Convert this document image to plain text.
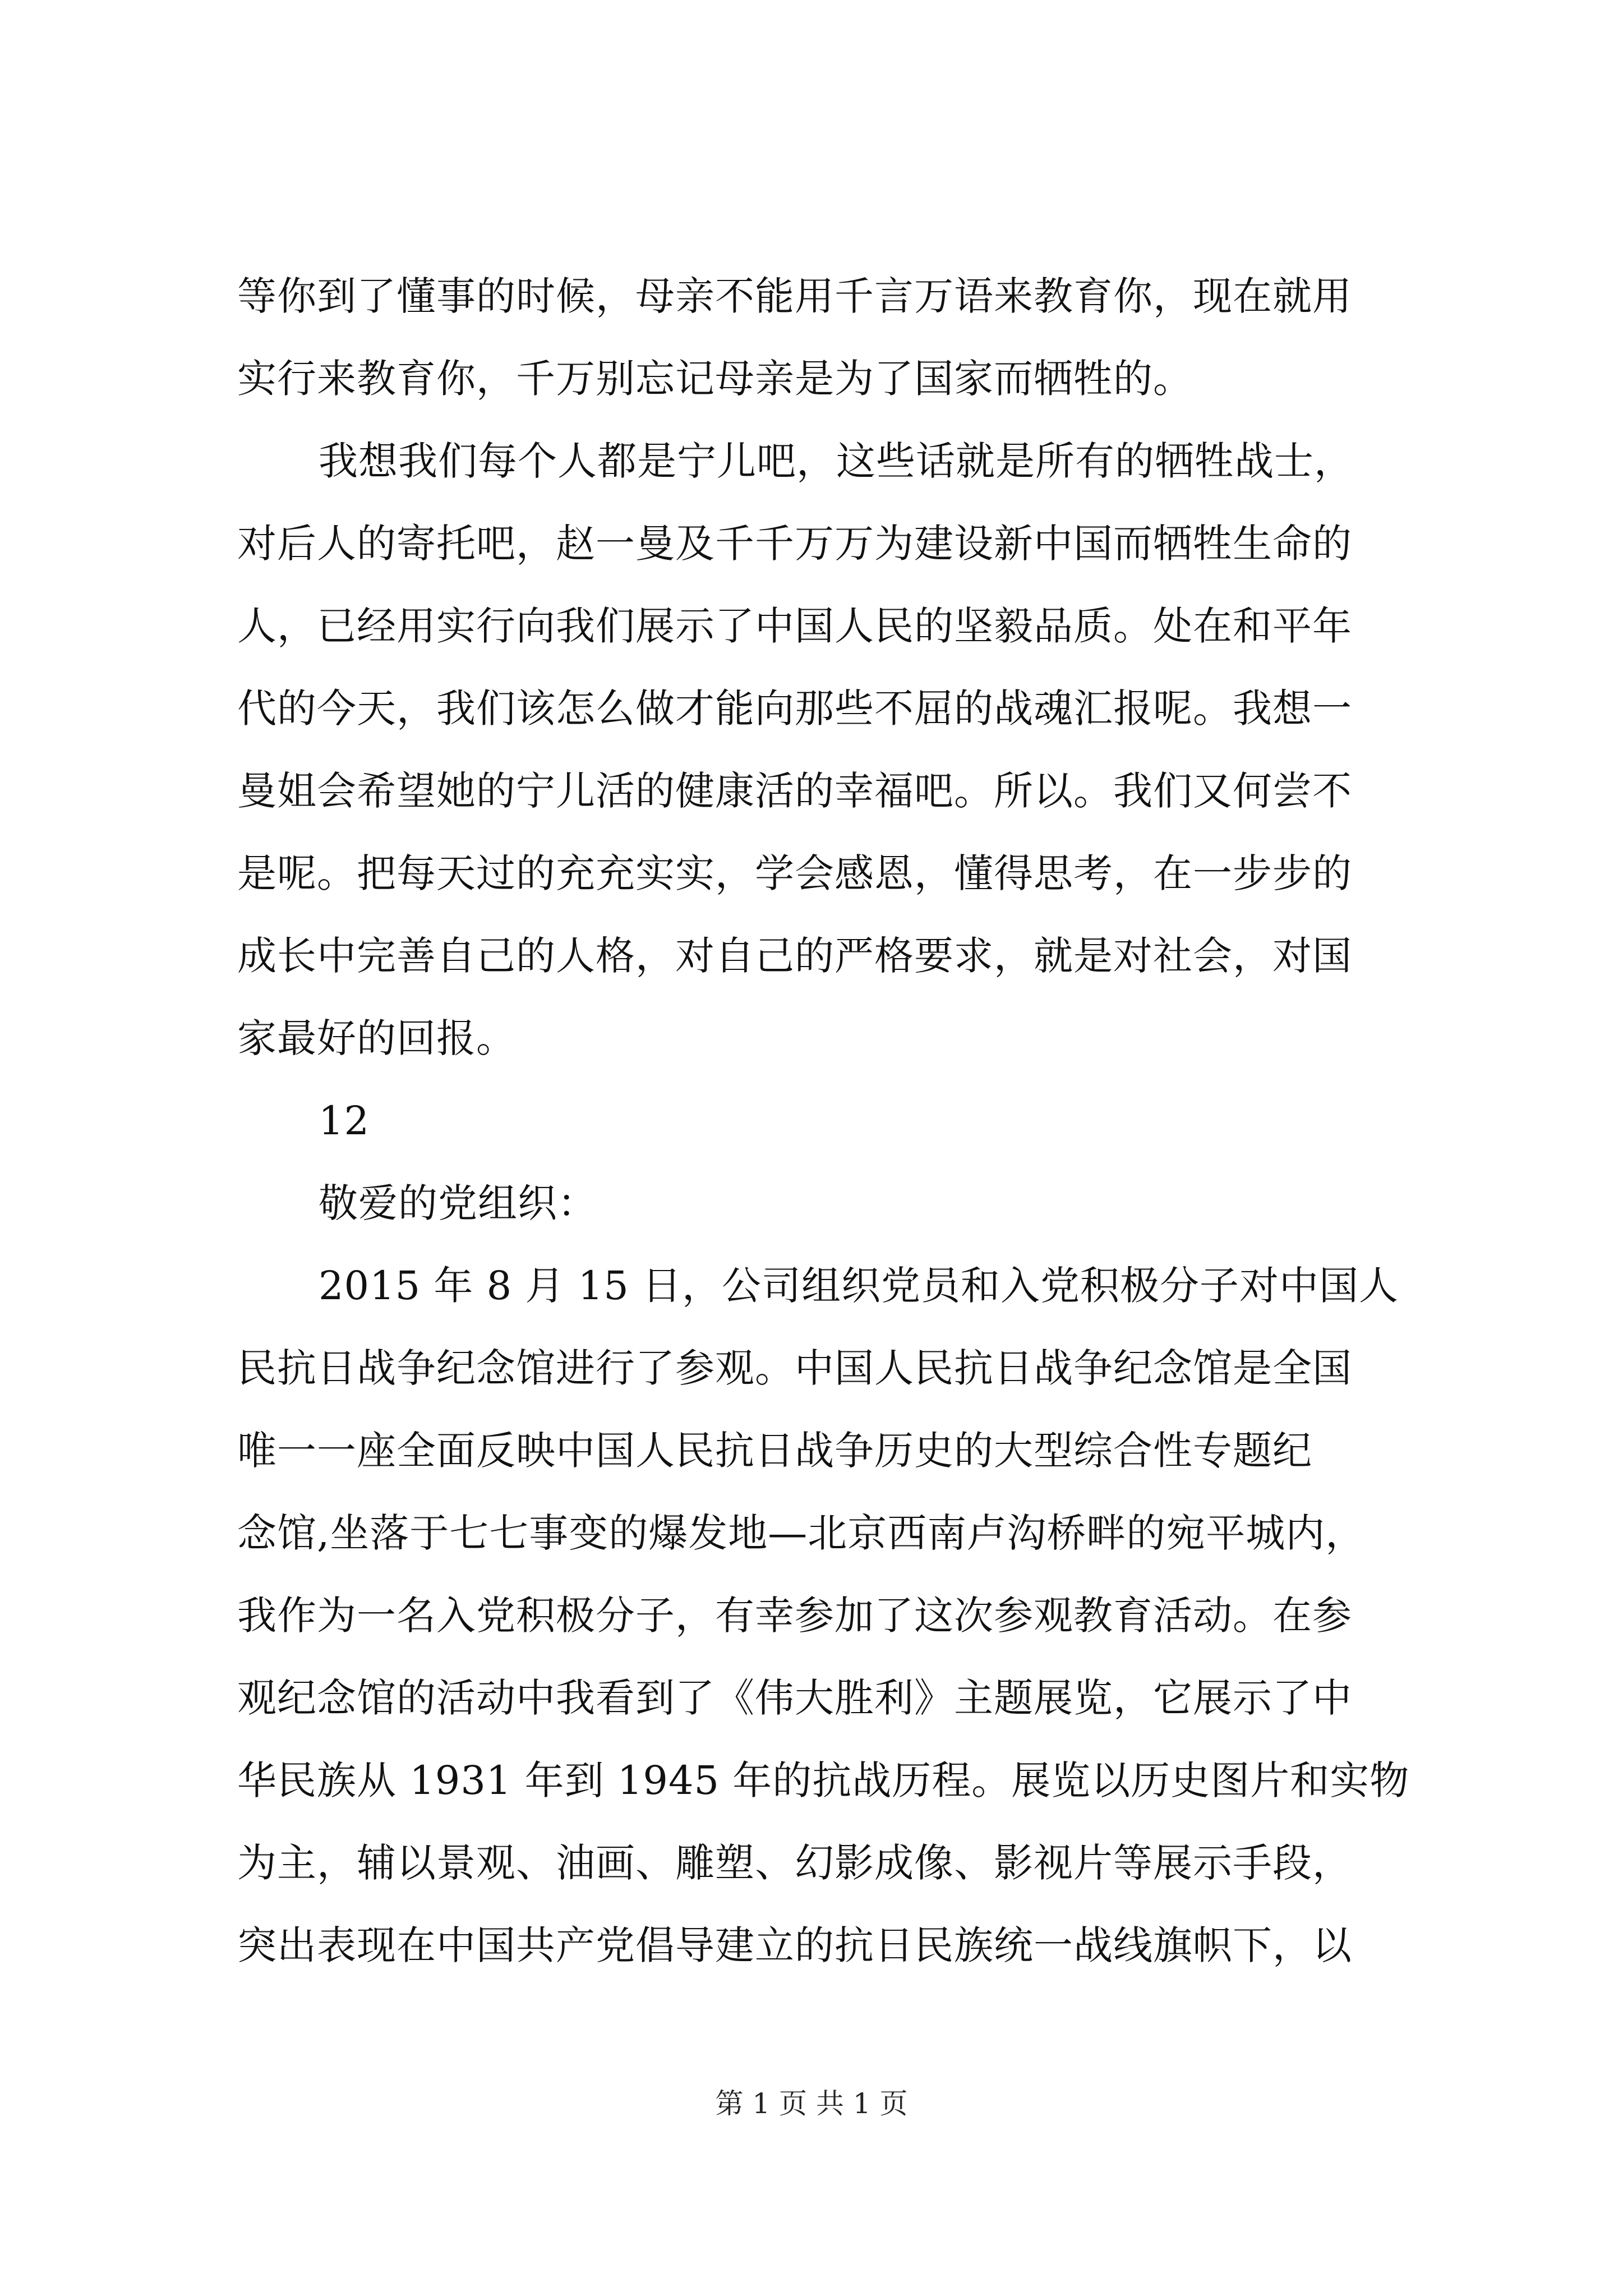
等你到了懂事的时候，母亲不能用千言万语来教育你，现在就用
实行来教育你，千万别忘记母亲是为了国家而牺牲的。
我想我们每个人都是宁儿吧，这些话就是所有的牺牲战士，
对后人的寄托吧，赵一曼及千千万万为建设新中国而牺牲生命的
人，已经用实行向我们展示了中国人民的坚毅品质。处在和平年
代的今天，我们该怎么做才能向那些不屈的战魂汇报呢。我想一
曼姐会希望她的宁儿活的健康活的幸福吧。所以。我们又何尝不
是呢。把每天过的充充实实，学会感恩，懂得思考，在一步步的
成长中完善自己的人格，对自己的严格要求，就是对社会，对国
家最好的回报。
12
敬爱的党组织：
2015 年 8 月 15 日，公司组织党员和入党积极分子对中国人
民抗日战争纪念馆进行了参观。中国人民抗日战争纪念馆是全国
唯一一座全面反映中国人民抗日战争历史的大型综合性专题纪
念馆,坐落于七七事变的爆发地—北京西南卢沟桥畔的宛平城内，
我作为一名入党积极分子，有幸参加了这次参观教育活动。在参
观纪念馆的活动中我看到了《伟大胜利》主题展览，它展示了中
华民族从 1931 年到 1945 年的抗战历程。展览以历史图片和实物
为主，辅以景观、油画、雕塑、幻影成像、影视片等展示手段，
突出表现在中国共产党倡导建立的抗日民族统一战线旗帜下，以
第 1 页 共 1 页
